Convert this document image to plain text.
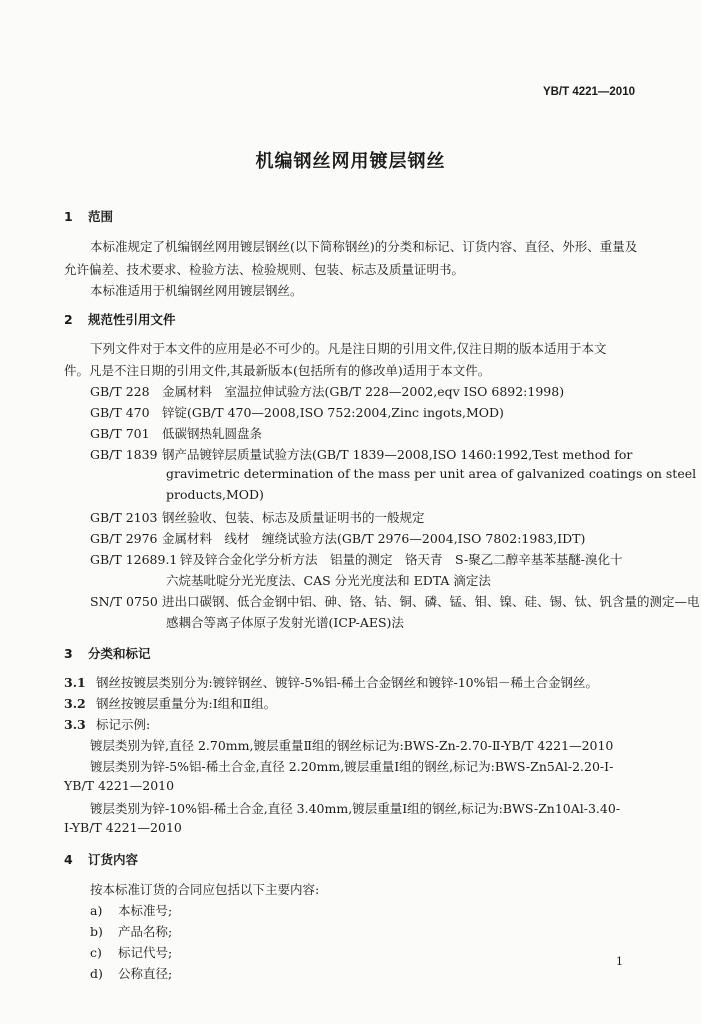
YB/T 4221—2010
机编钢丝网用镀层钢丝
1 范围
本标准规定了机编钢丝网用镀层钢丝(以下简称钢丝)的分类和标记、订货内容、直径、外形、重量及
允许偏差、技术要求、检验方法、检验规则、包装、标志及质量证明书。
本标准适用于机编钢丝网用镀层钢丝。
2 规范性引用文件
下列文件对于本文件的应用是必不可少的。凡是注日期的引用文件,仅注日期的版本适用于本文
件。凡是不注日期的引用文件,其最新版本(包括所有的修改单)适用于本文件。
GB/T 228 金属材料　室温拉伸试验方法(GB/T 228—2002,eqv ISO 6892:1998)
GB/T 470 锌锭(GB/T 470—2008,ISO 752:2004,Zinc ingots,MOD)
GB/T 701 低碳钢热轧圆盘条
GB/T 1839 钢产品镀锌层质量试验方法(GB/T 1839—2008,ISO 1460:1992,Test method for
gravimetric determination of the mass per unit area of galvanized coatings on steel
products,MOD)
GB/T 2103 钢丝验收、包装、标志及质量证明书的一般规定
GB/T 2976 金属材料　线材　缠绕试验方法(GB/T 2976—2004,ISO 7802:1983,IDT)
GB/T 12689.1 锌及锌合金化学分析方法　铝量的测定　铬天青　S-聚乙二醇辛基苯基醚-溴化十
六烷基吡啶分光光度法、CAS 分光光度法和 EDTA 滴定法
SN/T 0750 进出口碳钢、低合金钢中铝、砷、铬、钴、铜、磷、锰、钼、镍、硅、锡、钛、钒含量的测定—电
感耦合等离子体原子发射光谱(ICP-AES)法
3 分类和标记
3.1 钢丝按镀层类别分为:镀锌钢丝、镀锌-5%铝-稀土合金钢丝和镀锌-10%铝－稀土合金钢丝。
3.2 钢丝按镀层重量分为:Ⅰ组和Ⅱ组。
3.3 标记示例:
镀层类别为锌,直径 2.70mm,镀层重量Ⅱ组的钢丝标记为:BWS-Zn-2.70-Ⅱ-YB/T 4221—2010
镀层类别为锌-5%铝-稀土合金,直径 2.20mm,镀层重量Ⅰ组的钢丝,标记为:BWS-Zn5Al-2.20-Ⅰ-
YB/T 4221—2010
镀层类别为锌-10%铝-稀土合金,直径 3.40mm,镀层重量Ⅰ组的钢丝,标记为:BWS-Zn10Al-3.40-
Ⅰ-YB/T 4221—2010
4 订货内容
按本标准订货的合同应包括以下主要内容:
a) 本标准号;
b) 产品名称;
c) 标记代号;
d) 公称直径;
1
